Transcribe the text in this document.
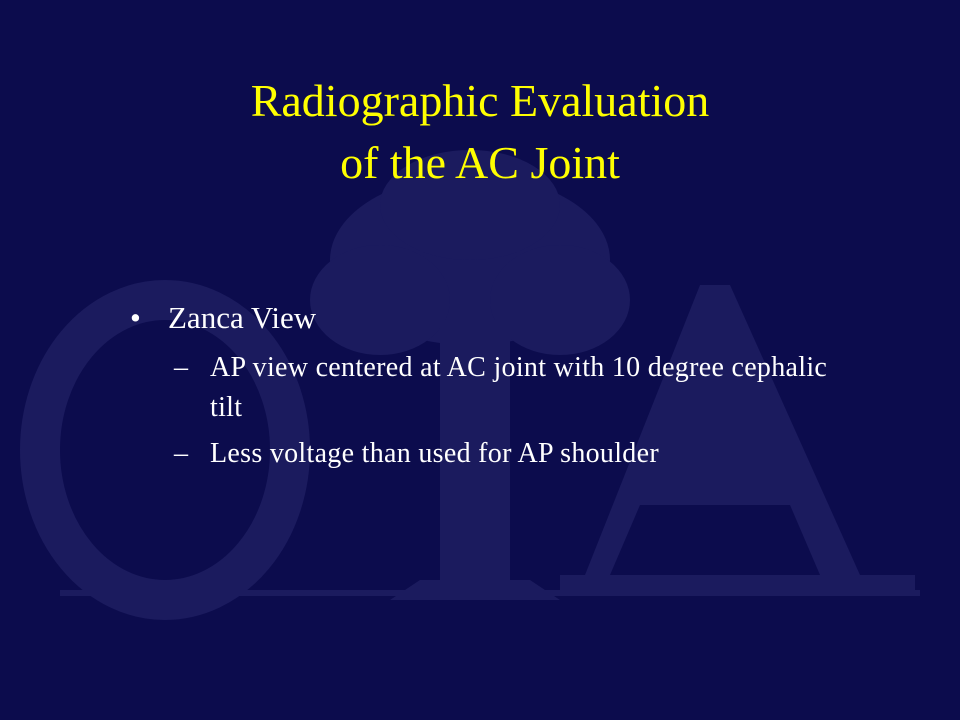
Radiographic Evaluation
of the AC Joint
• Zanca View
– AP view centered at AC joint with 10 degree cephalic tilt
– Less voltage than used for AP shoulder
